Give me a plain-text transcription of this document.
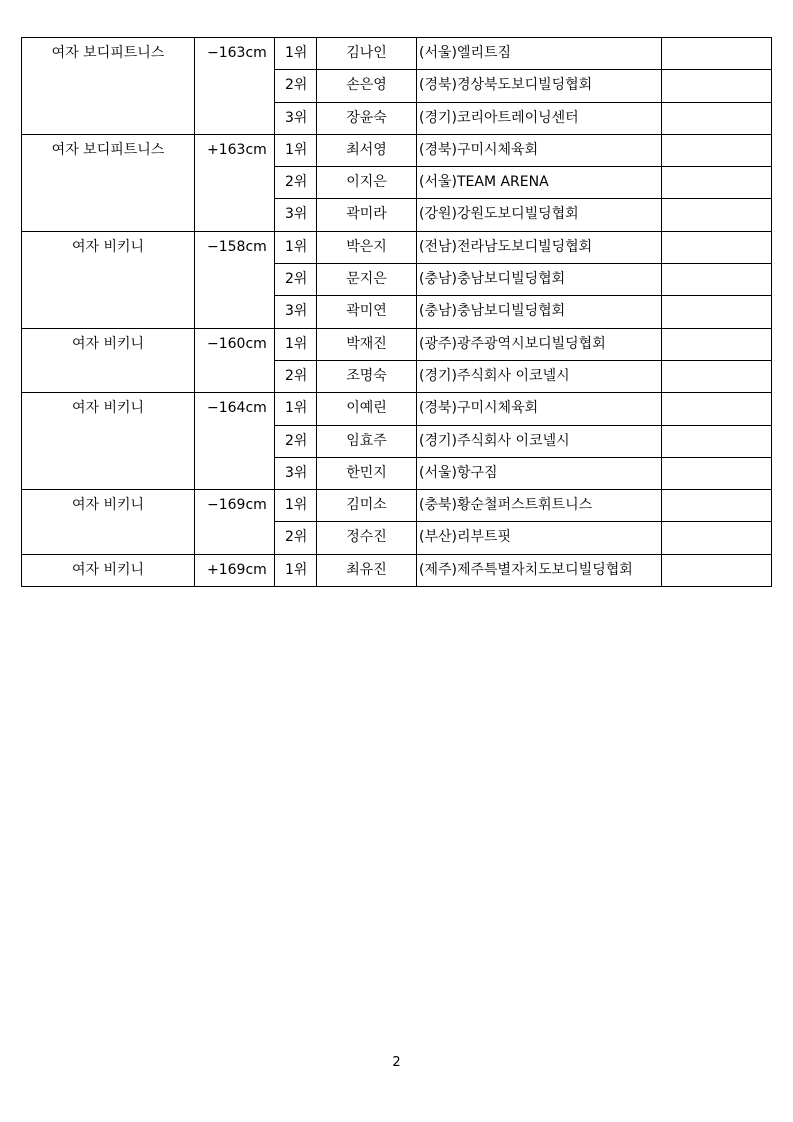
여자 보디피트니스	−163cm	1위	김나인	(서울)엘리트짐	

		2위	손은영	(경북)경상북도보디빌딩협회	

		3위	장윤숙	(경기)코리아트레이닝센터	

여자 보디피트니스	+163cm	1위	최서영	(경북)구미시체육회	

		2위	이지은	(서울)TEAM ARENA	

		3위	곽미라	(강원)강원도보디빌딩협회	

여자 비키니	−158cm	1위	박은지	(전남)전라남도보디빌딩협회	

		2위	문지은	(충남)충남보디빌딩협회	

		3위	곽미연	(충남)충남보디빌딩협회	

여자 비키니	−160cm	1위	박재진	(광주)광주광역시보디빌딩협회	

		2위	조명숙	(경기)주식회사 이코넬시	

여자 비키니	−164cm	1위	이예린	(경북)구미시체육회	

		2위	임효주	(경기)주식회사 이코넬시	

		3위	한민지	(서울)항구짐	

여자 비키니	−169cm	1위	김미소	(충북)황순철퍼스트휘트니스	

		2위	정수진	(부산)리부트핏	

여자 비키니	+169cm	1위	최유진	(제주)제주특별자치도보디빌딩협회	

2
